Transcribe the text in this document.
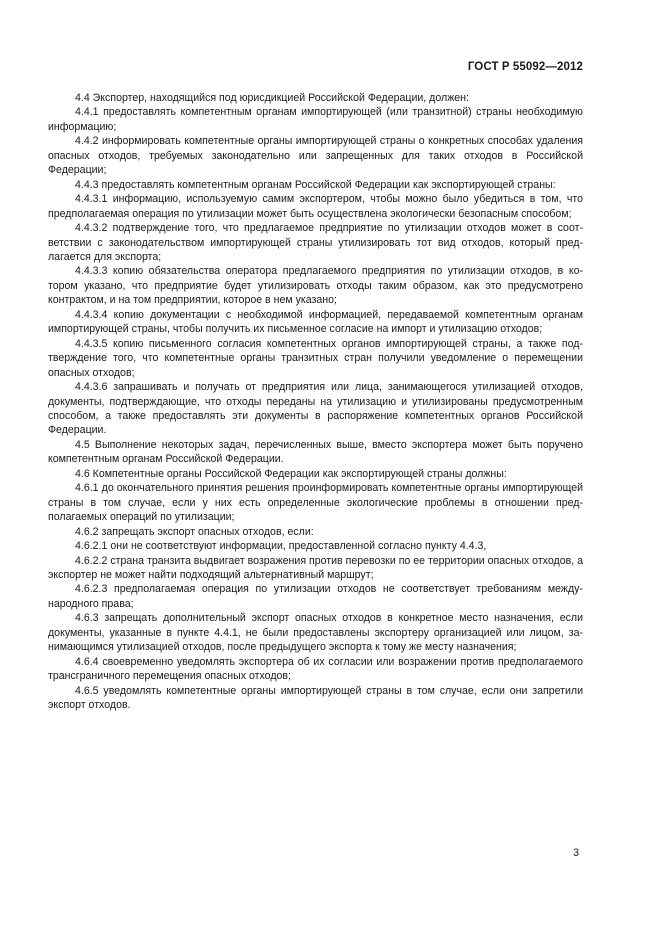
ГОСТ Р 55092—2012

4.4 Экспортер, находящийся под юрисдикцией Российской Федерации, должен:

4.4.1 предоставлять компетентным органам импортирующей (или транзитной) страны необходимую информацию;

4.4.2 информировать компетентные органы импортирующей страны о конкретных способах удаления опасных отходов, требуемых законодательно или запрещенных для таких отходов в Российской Федерации;

4.4.3 предоставлять компетентным органам Российской Федерации как экспортирующей страны:

4.4.3.1 информацию, используемую самим экспортером, чтобы можно было убедиться в том, что предполагаемая операция по утилизации может быть осуществлена экологически безопасным способом;

4.4.3.2 подтверждение того, что предлагаемое предприятие по утилизации отходов может в соответствии с законодательством импортирующей страны утилизировать тот вид отходов, который предлагается для экспорта;

4.4.3.3 копию обязательства оператора предлагаемого предприятия по утилизации отходов, в котором указано, что предприятие будет утилизировать отходы таким образом, как это предусмотрено контрактом, и на том предприятии, которое в нем указано;

4.4.3.4 копию документации с необходимой информацией, передаваемой компетентным органам импортирующей страны, чтобы получить их письменное согласие на импорт и утилизацию отходов;

4.4.3.5 копию письменного согласия компетентных органов импортирующей страны, а также подтверждение того, что компетентные органы транзитных стран получили уведомление о перемещении опасных отходов;

4.4.3.6 запрашивать и получать от предприятия или лица, занимающегося утилизацией отходов, документы, подтверждающие, что отходы переданы на утилизацию и утилизированы предусмотренным способом, а также предоставлять эти документы в распоряжение компетентных органов Российской Федерации.

4.5 Выполнение некоторых задач, перечисленных выше, вместо экспортера может быть поручено компетентным органам Российской Федерации.

4.6 Компетентные органы Российской Федерации как экспортирующей страны должны:

4.6.1 до окончательного принятия решения проинформировать компетентные органы импортирующей страны в том случае, если у них есть определенные экологические проблемы в отношении предполагаемых операций по утилизации;

4.6.2 запрещать экспорт опасных отходов, если:

4.6.2.1 они не соответствуют информации, предоставленной согласно пункту 4.4.3,

4.6.2.2 страна транзита выдвигает возражения против перевозки по ее территории опасных отходов, а экспортер не может найти подходящий альтернативный маршрут;

4.6.2.3 предполагаемая операция по утилизации отходов не соответствует требованиям международного права;

4.6.3 запрещать дополнительный экспорт опасных отходов в конкретное место назначения, если документы, указанные в пункте 4.4.1, не были предоставлены экспортеру организацией или лицом, занимающимся утилизацией отходов, после предыдущего экспорта к тому же месту назначения;

4.6.4 своевременно уведомлять экспортера об их согласии или возражении против предполагаемого трансграничного перемещения опасных отходов;

4.6.5 уведомлять компетентные органы импортирующей страны в том случае, если они запретили экспорт отходов.

3
